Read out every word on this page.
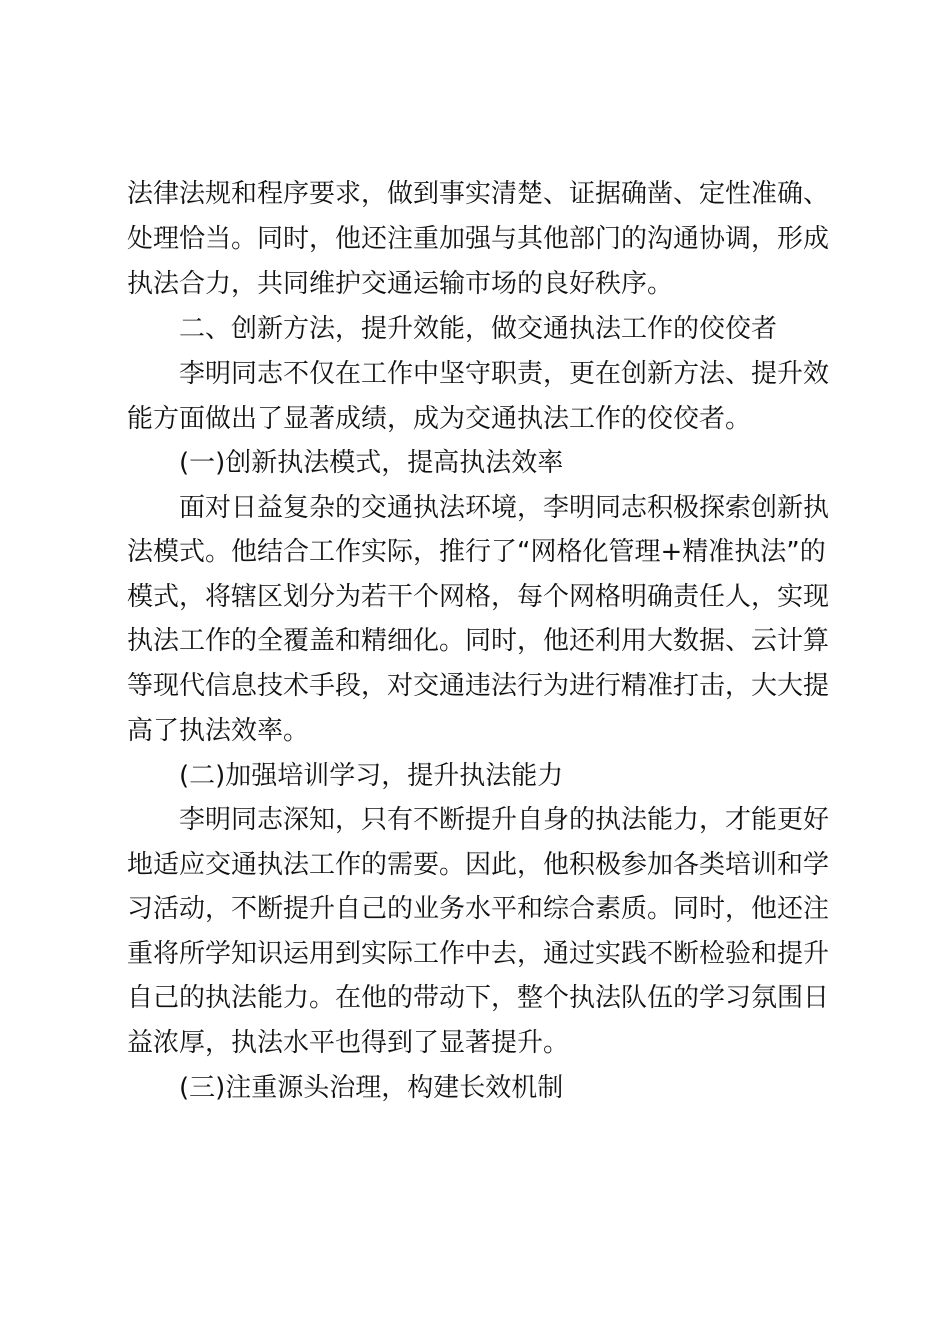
法律法规和程序要求，做到事实清楚、证据确凿、定性准确、
处理恰当。同时，他还注重加强与其他部门的沟通协调，形成
执法合力，共同维护交通运输市场的良好秩序。
二、创新方法，提升效能，做交通执法工作的佼佼者
李明同志不仅在工作中坚守职责，更在创新方法、提升效
能方面做出了显著成绩，成为交通执法工作的佼佼者。
(一)创新执法模式，提高执法效率
面对日益复杂的交通执法环境，李明同志积极探索创新执
法模式。他结合工作实际，推行了“网格化管理+精准执法”的
模式，将辖区划分为若干个网格，每个网格明确责任人，实现
执法工作的全覆盖和精细化。同时，他还利用大数据、云计算
等现代信息技术手段，对交通违法行为进行精准打击，大大提
高了执法效率。
(二)加强培训学习，提升执法能力
李明同志深知，只有不断提升自身的执法能力，才能更好
地适应交通执法工作的需要。因此，他积极参加各类培训和学
习活动，不断提升自己的业务水平和综合素质。同时，他还注
重将所学知识运用到实际工作中去，通过实践不断检验和提升
自己的执法能力。在他的带动下，整个执法队伍的学习氛围日
益浓厚，执法水平也得到了显著提升。
(三)注重源头治理，构建长效机制
